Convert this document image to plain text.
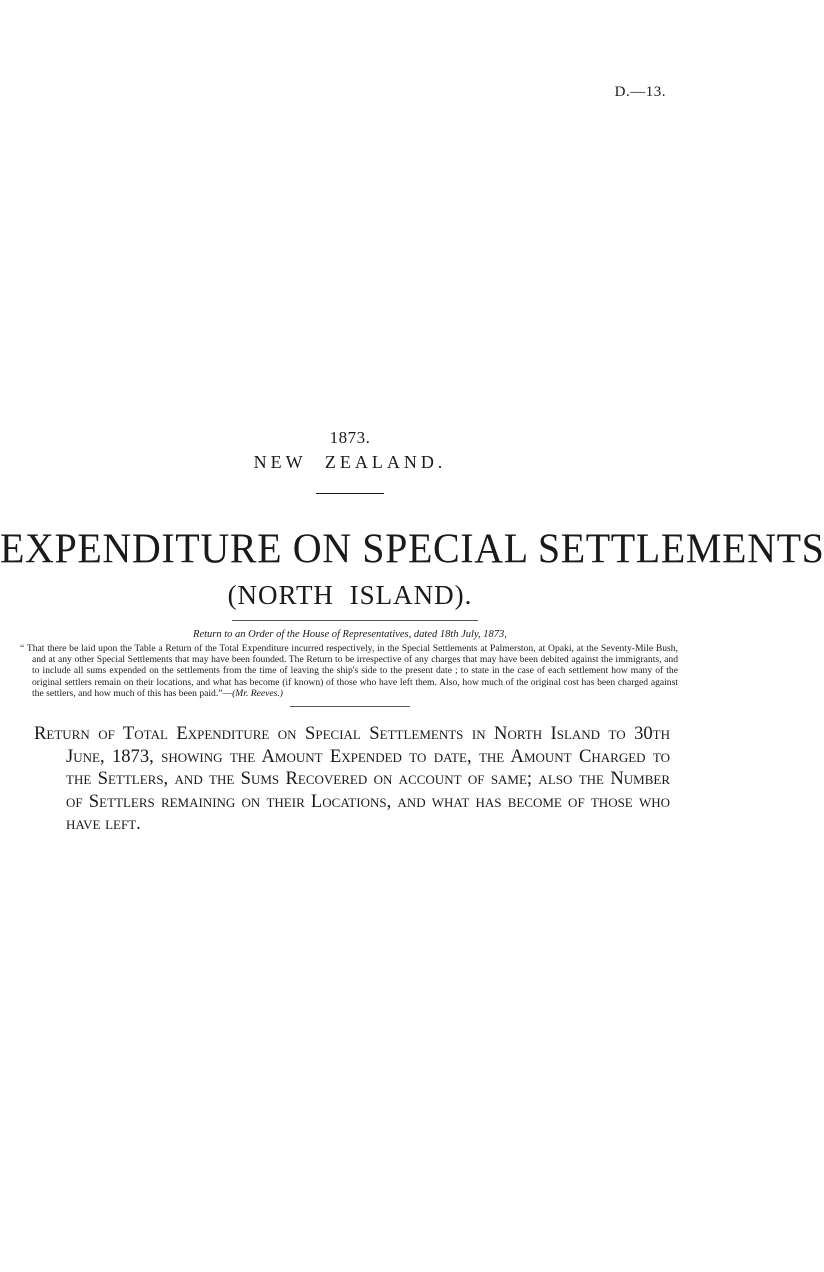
D.—13.
1873.
NEW ZEALAND.
EXPENDITURE ON SPECIAL SETTLEMENTS
(NORTH ISLAND).
Return to an Order of the House of Representatives, dated 18th July, 1873,
“ That there be laid upon the Table a Return of the Total Expenditure incurred respectively, in the Special Settlements at Palmerston, at Opaki, at the Seventy-Mile Bush, and at any other Special Settlements that may have been founded. The Return to be irrespective of any charges that may have been debited against the immigrants, and to include all sums expended on the settlements from the time of leaving the ship's side to the present date ; to state in the case of each settlement how many of the original settlers remain on their locations, and what has become (if known) of those who have left them. Also, how much of the original cost has been charged against the settlers, and how much of this has been paid.”—(Mr. Reeves.)
Return of Total Expenditure on Special Settlements in North Island to 30th June, 1873, showing the Amount Expended to date, the Amount Charged to the Settlers, and the Sums Recovered on account of same; also the Number of Settlers remaining on their Locations, and what has become of those who have left.
